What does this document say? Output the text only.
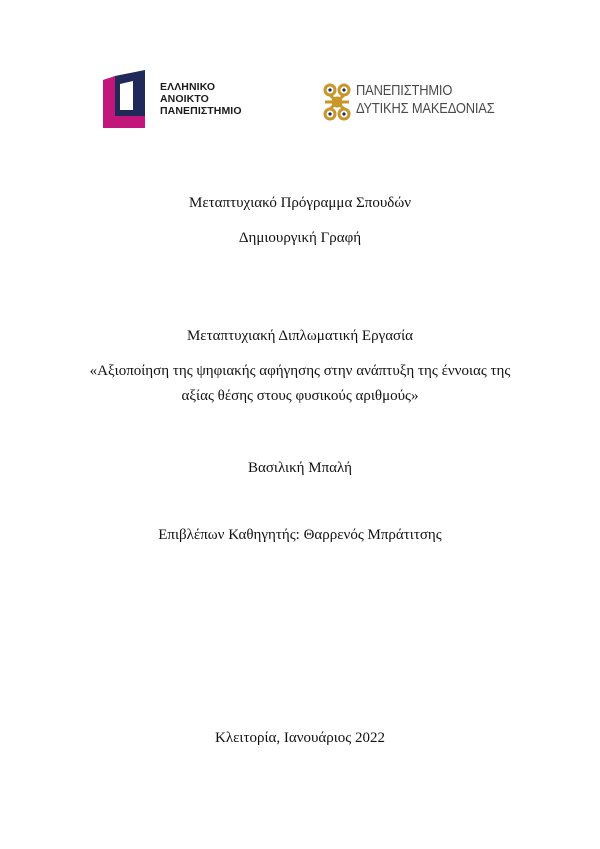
ΕΛΛΗΝΙΚΟ
ΑΝΟΙΚΤΟ
ΠΑΝΕΠΙΣΤΗΜΙΟ
ΠΑΝΕΠΙΣΤΗΜΙΟ
ΔΥΤΙΚΗΣ ΜΑΚΕΔΟΝΙΑΣ
Μεταπτυχιακό Πρόγραμμα Σπουδών
Δημιουργική Γραφή
Μεταπτυχιακή Διπλωματική Εργασία
«Αξιοποίηση της ψηφιακής αφήγησης στην ανάπτυξη της έννοιας της
αξίας θέσης στους φυσικούς αριθμούς»
Βασιλική Μπαλή
Επιβλέπων Καθηγητής: Θαρρενός Μπράτιτσης
Κλειτορία, Ιανουάριος 2022
